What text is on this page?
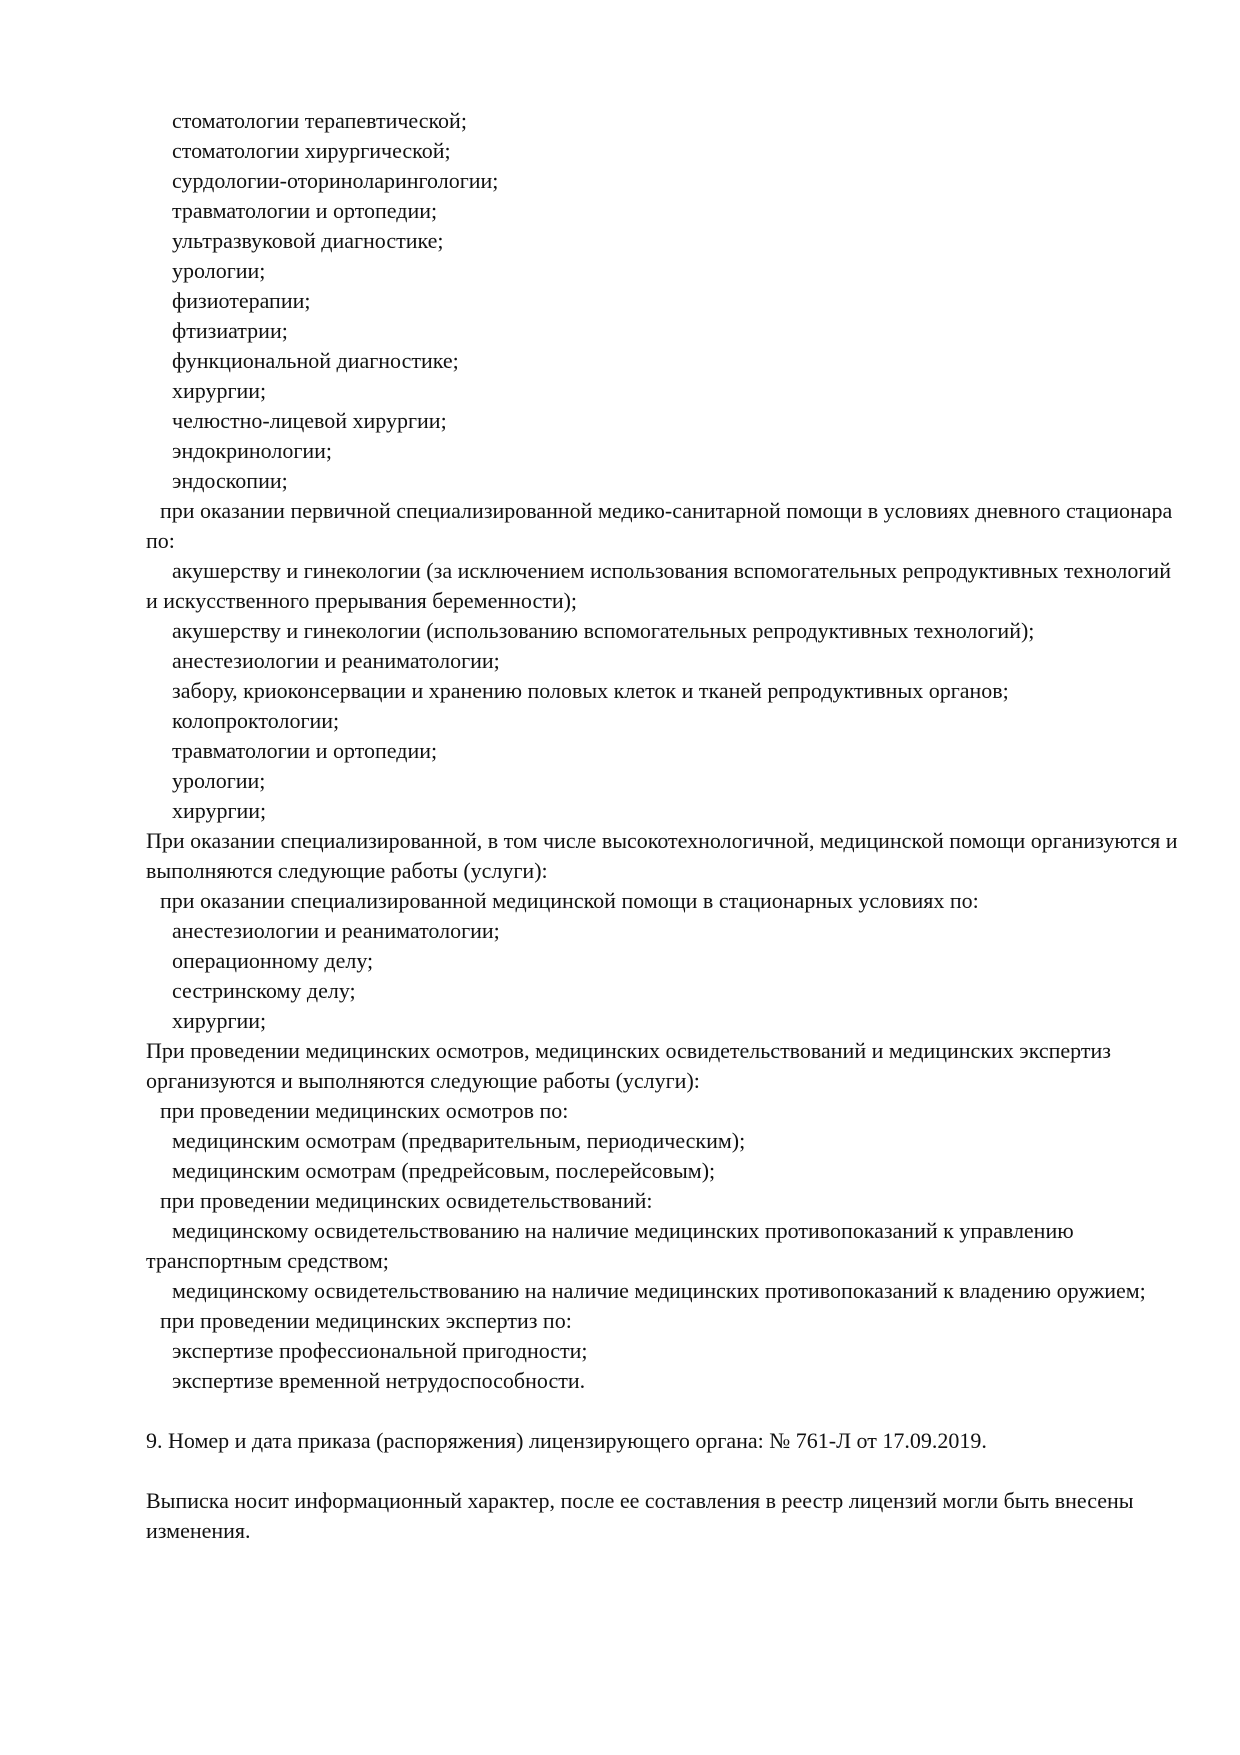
стоматологии терапевтической;

стоматологии хирургической;

сурдологии-оториноларингологии;

травматологии и ортопедии;

ультразвуковой диагностике;

урологии;

физиотерапии;

фтизиатрии;

функциональной диагностике;

хирургии;

челюстно-лицевой хирургии;

эндокринологии;

эндоскопии;

при оказании первичной специализированной медико-санитарной помощи в условиях дневного стационара по:

акушерству и гинекологии (за исключением использования вспомогательных репродуктивных технологий и искусственного прерывания беременности);

акушерству и гинекологии (использованию вспомогательных репродуктивных технологий);

анестезиологии и реаниматологии;

забору, криоконсервации и хранению половых клеток и тканей репродуктивных органов;

колопроктологии;

травматологии и ортопедии;

урологии;

хирургии;

При оказании специализированной, в том числе высокотехнологичной, медицинской помощи организуются и выполняются следующие работы (услуги):

при оказании специализированной медицинской помощи в стационарных условиях по:

анестезиологии и реаниматологии;

операционному делу;

сестринскому делу;

хирургии;

При проведении медицинских осмотров, медицинских освидетельствований и медицинских экспертиз организуются и выполняются следующие работы (услуги):

при проведении медицинских осмотров по:

медицинским осмотрам (предварительным, периодическим);

медицинским осмотрам (предрейсовым, послерейсовым);

при проведении медицинских освидетельствований:

медицинскому освидетельствованию на наличие медицинских противопоказаний к управлению транспортным средством;

медицинскому освидетельствованию на наличие медицинских противопоказаний к владению оружием;

при проведении медицинских экспертиз по:

экспертизе профессиональной пригодности;

экспертизе временной нетрудоспособности.

9. Номер и дата приказа (распоряжения) лицензирующего органа: № 761-Л от 17.09.2019.

Выписка носит информационный характер, после ее составления в реестр лицензий могли быть внесены изменения.
